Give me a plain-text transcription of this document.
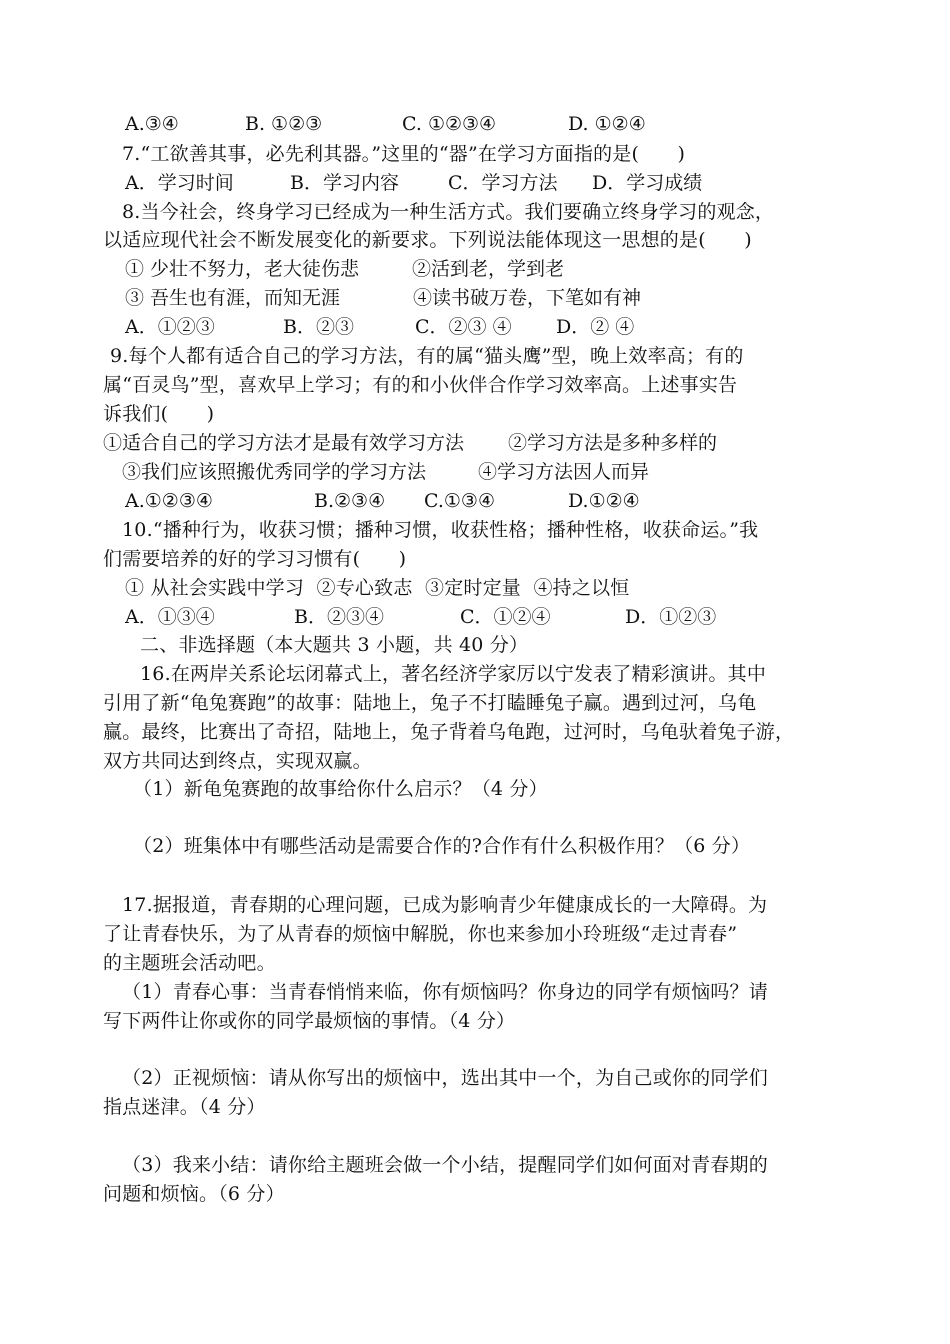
A.③④	B. ①②③	C. ①②③④	D. ①②④
7.“工欲善其事，必先利其器。”这里的“器”在学习方面指的是(　　)
A．学习时间	B．学习内容	C．学习方法 D．学习成绩
8.当今社会，终身学习已经成为一种生活方式。我们要确立终身学习的观念，
以适应现代社会不断发展变化的新要求。下列说法能体现这一思想的是(　　)
① 少壮不努力，老大徒伤悲	②活到老，学到老
③ 吾生也有涯，而知无涯	④读书破万卷，下笔如有神
A．①②③	B．②③	C．②③ ④ D．② ④
9.每个人都有适合自己的学习方法，有的属“猫头鹰”型，晚上效率高；有的
属“百灵鸟”型，喜欢早上学习；有的和小伙伴合作学习效率高。上述事实告
诉我们(　　)
①适合自己的学习方法才是最有效学习方法 ②学习方法是多种多样的
③我们应该照搬优秀同学的学习方法	④学习方法因人而异
A.①②③④	B.②③④ C.①③④	D.①②④
10.“播种行为，收获习惯；播种习惯，收获性格；播种性格，收获命运。”我
们需要培养的好的学习习惯有(　　)
① 从社会实践中学习  ②专心致志  ③定时定量  ④持之以恒
A．①③④	B．②③④	C．①②④	D．①②③
二、非选择题（本大题共 3 小题，共 40 分）
16.在两岸关系论坛闭幕式上，著名经济学家厉以宁发表了精彩演讲。其中
引用了新“龟兔赛跑”的故事：陆地上，兔子不打瞌睡兔子赢。遇到过河，乌龟
赢。最终，比赛出了奇招，陆地上，兔子背着乌龟跑，过河时，乌龟驮着兔子游，
双方共同达到终点，实现双赢。
（1）新龟兔赛跑的故事给你什么启示？（4 分）
（2）班集体中有哪些活动是需要合作的?合作有什么积极作用？（6 分）
17.据报道，青春期的心理问题，已成为影响青少年健康成长的一大障碍。为
了让青春快乐，为了从青春的烦恼中解脱，你也来参加小玲班级“走过青春”
的主题班会活动吧。
（1）青春心事：当青春悄悄来临，你有烦恼吗？你身边的同学有烦恼吗？请
写下两件让你或你的同学最烦恼的事情。（4 分）
（2）正视烦恼：请从你写出的烦恼中，选出其中一个，为自己或你的同学们
指点迷津。（4 分）
（3）我来小结：请你给主题班会做一个小结，提醒同学们如何面对青春期的
问题和烦恼。（6 分）
